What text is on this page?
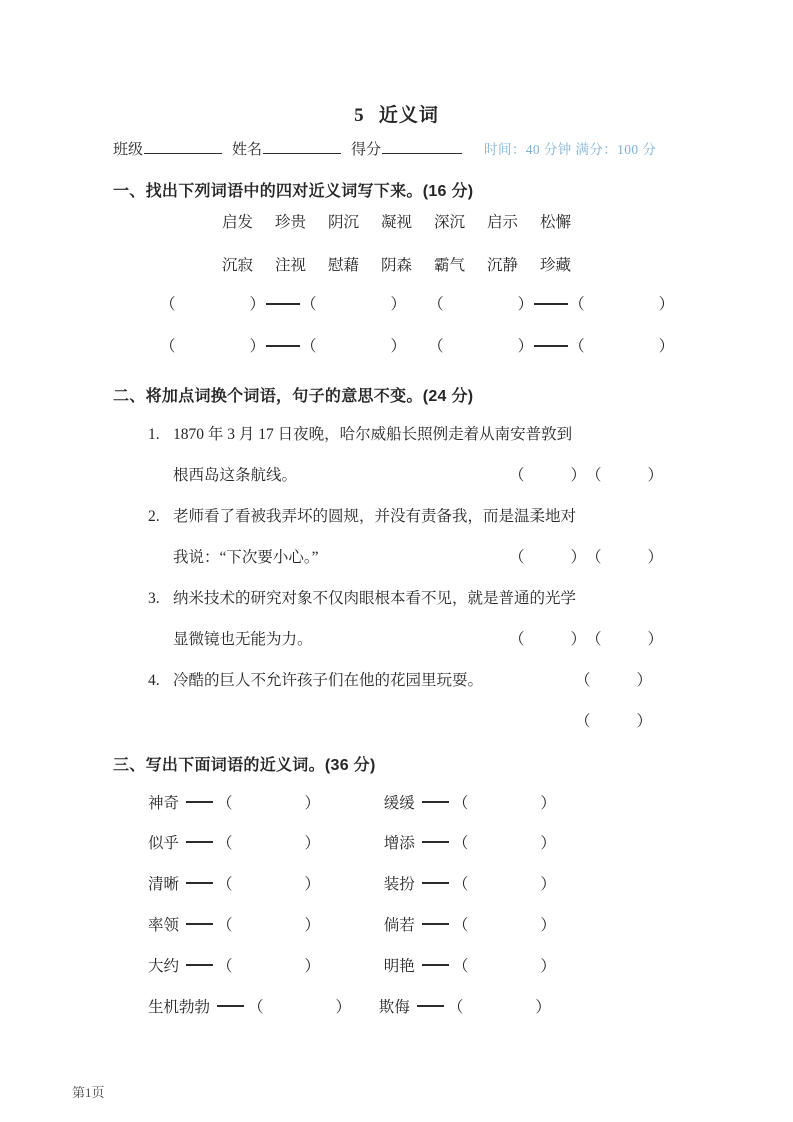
5 近义词
班级	姓名	得分	时间：40 分钟 满分：100 分
一、找出下列词语中的四对近义词写下来。(16 分)
启发 珍贵 阴沉 凝视 深沉 启示 松懈
沉寂 注视 慰藉 阴森 霸气 沉静 珍藏
（	） （	） （	） （	）
（	） （	） （	） （	）
二、将加点词换个词语，句子的意思不变。(24 分)
1. 1870 年 3 月 17 日夜晚，哈尔威船长照例走着从南安普敦到
根西岛这条航线。	（	）（	）
2. 老师看了看被我弄坏的圆规，并没有责备我，而是温柔地对
我说：“下次要小心。”	（	）（	）
3. 纳米技术的研究对象不仅肉眼根本看不见，就是普通的光学
显微镜也无能为力。	（	）（	）
4. 冷酷的巨人不允许孩子们在他的花园里玩耍。	（	）
（	）
三、写出下面词语的近义词。(36 分)
神奇 （	）	缓缓 （	）
似乎 （	）	增添 （	）
清晰 （	）	装扮 （	）
率领 （	）	倘若 （	）
大约 （	）	明艳 （	）
生机勃勃 （	） 欺侮 （	）
第1页
